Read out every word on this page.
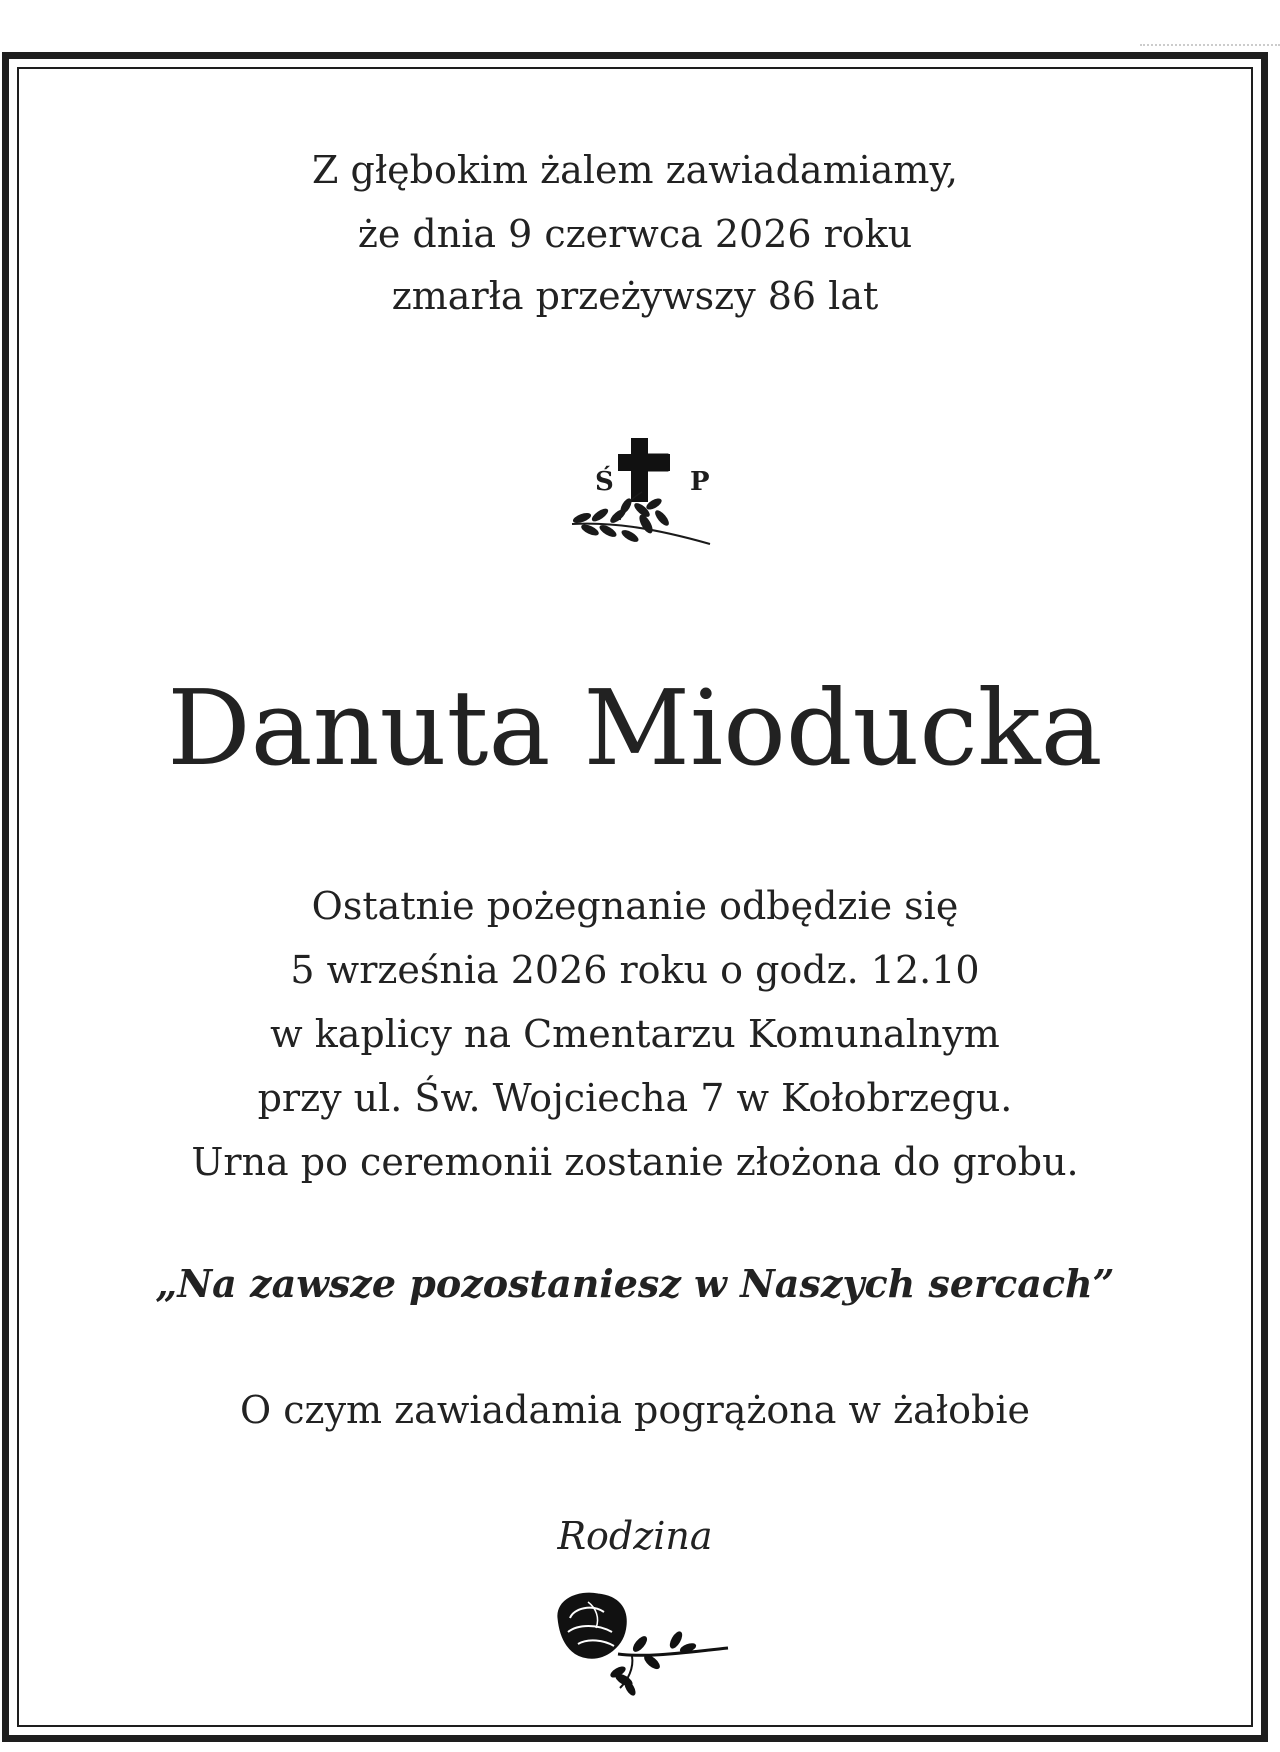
Z głębokim żalem zawiadamiamy,
że dnia 9 czerwca 2026 roku
zmarła przeżywszy 86 lat
Ś	P
Danuta Mioducka
Ostatnie pożegnanie odbędzie się
5 września 2026 roku o godz. 12.10
w kaplicy na Cmentarzu Komunalnym
przy ul. Św. Wojciecha 7 w Kołobrzegu.
Urna po ceremonii zostanie złożona do grobu.
„Na zawsze pozostaniesz w Naszych sercach”
O czym zawiadamia pogrążona w żałobie
Rodzina
